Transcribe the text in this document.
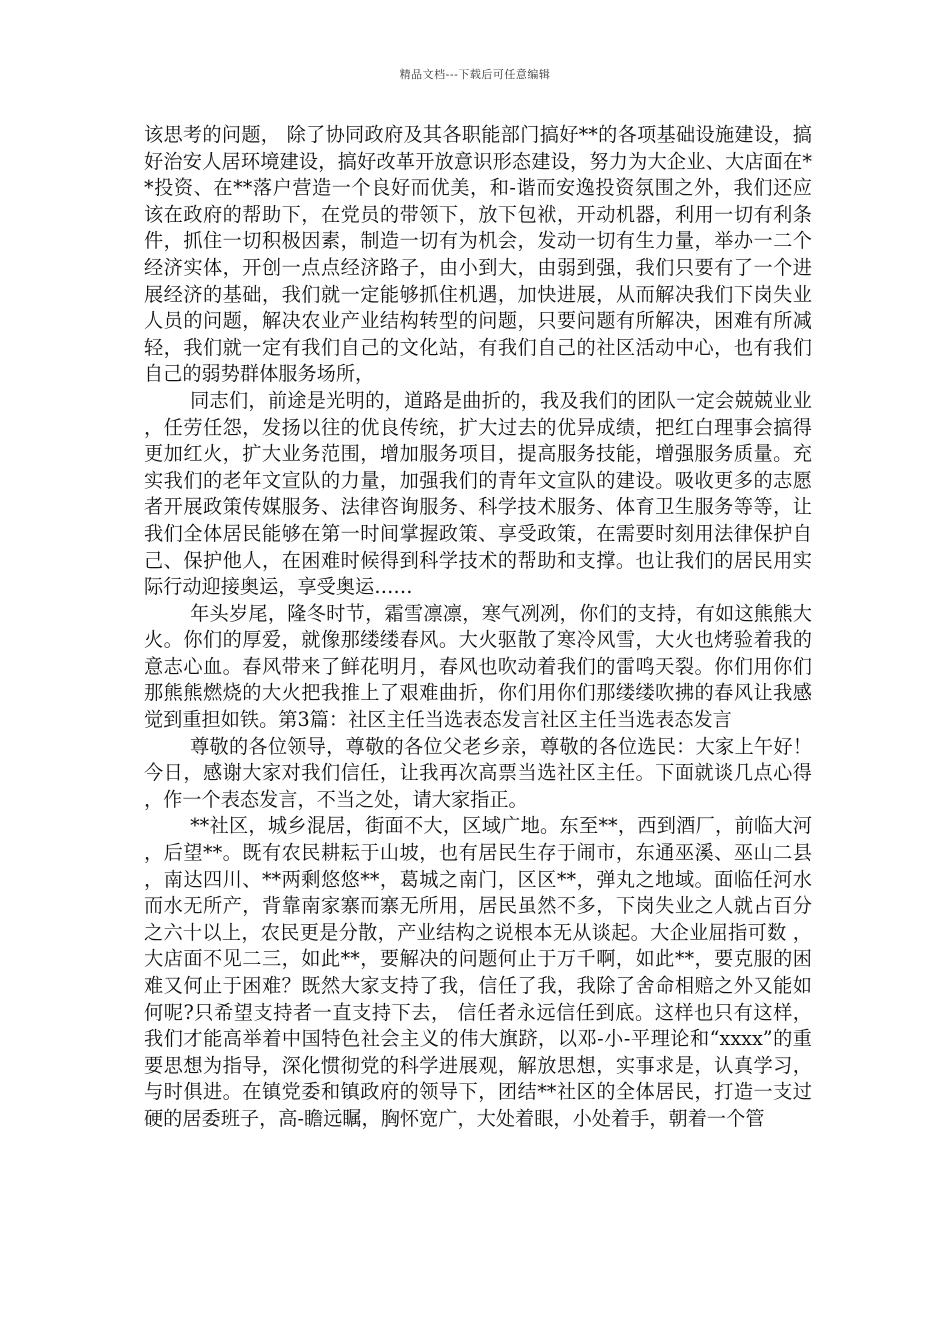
精品文档---下载后可任意编辑

该思考的问题， 除了协同政府及其各职能部门搞好**的各项基础设施建设，搞好治安人居环境建设，搞好改革开放意识形态建设，努力为大企业、大店面在**投资、在**落户营造一个良好而优美，和-谐而安逸投资氛围之外，我们还应该在政府的帮助下，在党员的带领下，放下包袱，开动机器，利用一切有利条件，抓住一切积极因素，制造一切有为机会，发动一切有生力量，举办一二个经济实体，开创一点点经济路子，由小到大，由弱到强，我们只要有了一个进展经济的基础，我们就一定能够抓住机遇，加快进展，从而解决我们下岗失业人员的问题，解决农业产业结构转型的问题，只要问题有所解决，困难有所减轻，我们就一定有我们自己的文化站，有我们自己的社区活动中心，也有我们自己的弱势群体服务场所，

同志们，前途是光明的，道路是曲折的，我及我们的团队一定会兢兢业业，任劳任怨，发扬以往的优良传统，扩大过去的优异成绩，把红白理事会搞得更加红火，扩大业务范围，增加服务项目，提高服务技能，增强服务质量。充实我们的老年文宣队的力量，加强我们的青年文宣队的建设。吸收更多的志愿者开展政策传媒服务、法律咨询服务、科学技术服务、体育卫生服务等等，让我们全体居民能够在第一时间掌握政策、享受政策，在需要时刻用法律保护自己、保护他人，在困难时候得到科学技术的帮助和支撑。也让我们的居民用实际行动迎接奥运，享受奥运……

年头岁尾，隆冬时节，霜雪凛凛，寒气冽冽，你们的支持，有如这熊熊大火。你们的厚爱，就像那缕缕春风。大火驱散了寒冷风雪，大火也烤验着我的意志心血。春风带来了鲜花明月，春风也吹动着我们的雷鸣天裂。你们用你们那熊熊燃烧的大火把我推上了艰难曲折，你们用你们那缕缕吹拂的春风让我感觉到重担如铁。第3篇：社区主任当选表态发言社区主任当选表态发言

尊敬的各位领导，尊敬的各位父老乡亲，尊敬的各位选民：大家上午好！今日，感谢大家对我们信任，让我再次高票当选社区主任。下面就谈几点心得，作一个表态发言，不当之处，请大家指正。

**社区，城乡混居，街面不大，区域广地。东至**，西到酒厂，前临大河，后望**。既有农民耕耘于山坡，也有居民生存于闹市，东通巫溪、巫山二县，南达四川、**两剩悠悠**，葛城之南门，区区**，弹丸之地域。面临任河水而水无所产，背靠南家寨而寨无所用，居民虽然不多，下岗失业之人就占百分之六十以上，农民更是分散，产业结构之说根本无从谈起。大企业屈指可数 ，大店面不见二三，如此**，要解决的问题何止于万千啊，如此**，要克服的困难又何止于困难？既然大家支持了我，信任了我，我除了舍命相赔之外又能如何呢?只希望支持者一直支持下去， 信任者永远信任到底。这样也只有这样，我们才能高举着中国特色社会主义的伟大旗跻，以邓-小-平理论和“xxxx”的重要思想为指导，深化惯彻党的科学进展观，解放思想，实事求是，认真学习，与时俱进。在镇党委和镇政府的领导下，团结**社区的全体居民，打造一支过硬的居委班子，高-瞻远瞩，胸怀宽广，大处着眼，小处着手，朝着一个管
